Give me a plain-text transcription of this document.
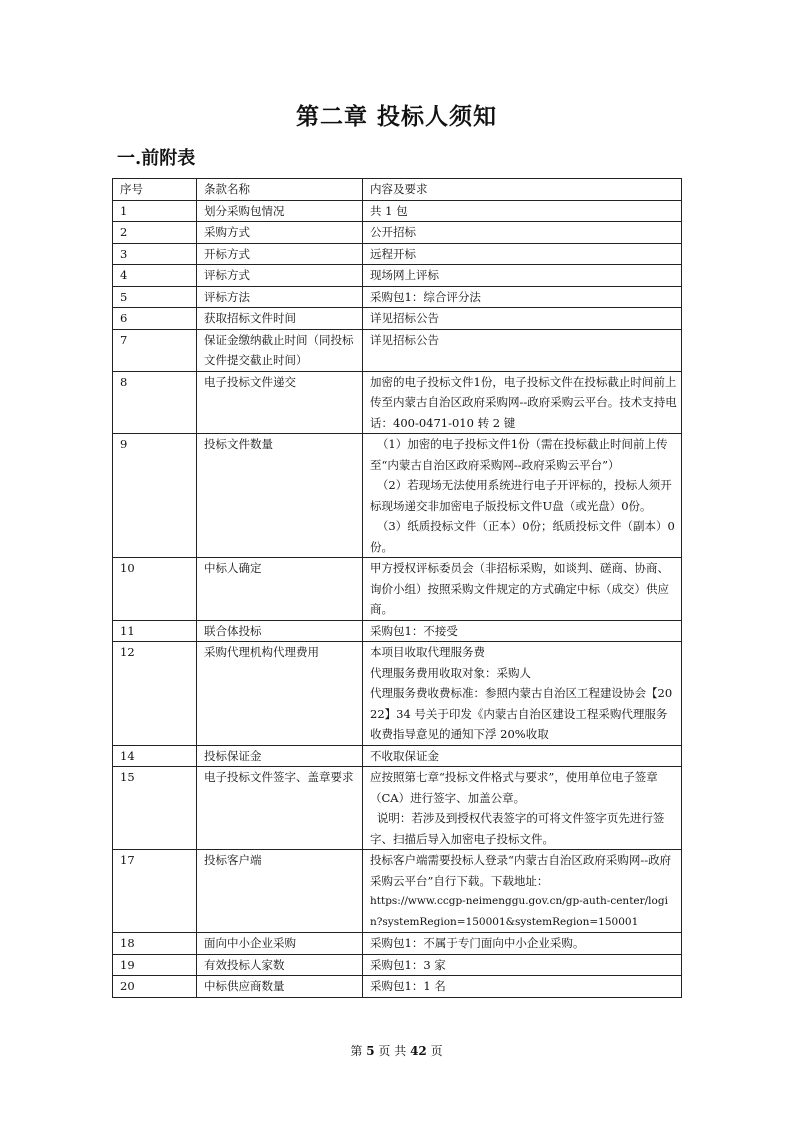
第二章 投标人须知
一.前附表
序号	条款名称	内容及要求
1	划分采购包情况	共 1 包

2	采购方式	公开招标

3	开标方式	远程开标

4	评标方式	现场网上评标

5	评标方法	采购包1：综合评分法

6	获取招标文件时间	详见招标公告

7	保证金缴纳截止时间（同投标文件提交截止时间）	详见招标公告

8	电子投标文件递交	加密的电子投标文件1份，电子投标文件在投标截止时间前上传至内蒙古自治区政府采购网--政府采购云平台。技术支持电话：400-0471-010 转 2 键

9	投标文件数量	（1）加密的电子投标文件1份（需在投标截止时间前上传至“内蒙古自治区政府采购网--政府采购云平台”）
（2）若现场无法使用系统进行电子开评标的，投标人须开标现场递交非加密电子版投标文件U盘（或光盘）0份。
（3）纸质投标文件（正本）0份；纸质投标文件（副本）0份。

10	中标人确定	甲方授权评标委员会（非招标采购，如谈判、磋商、协商、询价小组）按照采购文件规定的方式确定中标（成交）供应商。

11	联合体投标	采购包1：不接受

12	采购代理机构代理费用	本项目收取代理服务费
代理服务费用收取对象：采购人
代理服务费收费标准：参照内蒙古自治区工程建设协会【2022】34 号关于印发《内蒙古自治区建设工程采购代理服务收费指导意见的通知下浮 20%收取

14	投标保证金	不收取保证金

15	电子投标文件签字、盖章要求	应按照第七章“投标文件格式与要求”，使用单位电子签章（CA）进行签字、加盖公章。
说明：若涉及到授权代表签字的可将文件签字页先进行签字、扫描后导入加密电子投标文件。

17	投标客户端	投标客户端需要投标人登录“内蒙古自治区政府采购网--政府采购云平台”自行下载。下载地址：
https://www.ccgp-neimenggu.gov.cn/gp-auth-center/login?systemRegion=150001&systemRegion=150001

18	面向中小企业采购	采购包1：不属于专门面向中小企业采购。

19	有效投标人家数	采购包1：3 家

20	中标供应商数量	采购包1：1 名
第 5 页 共 42 页
